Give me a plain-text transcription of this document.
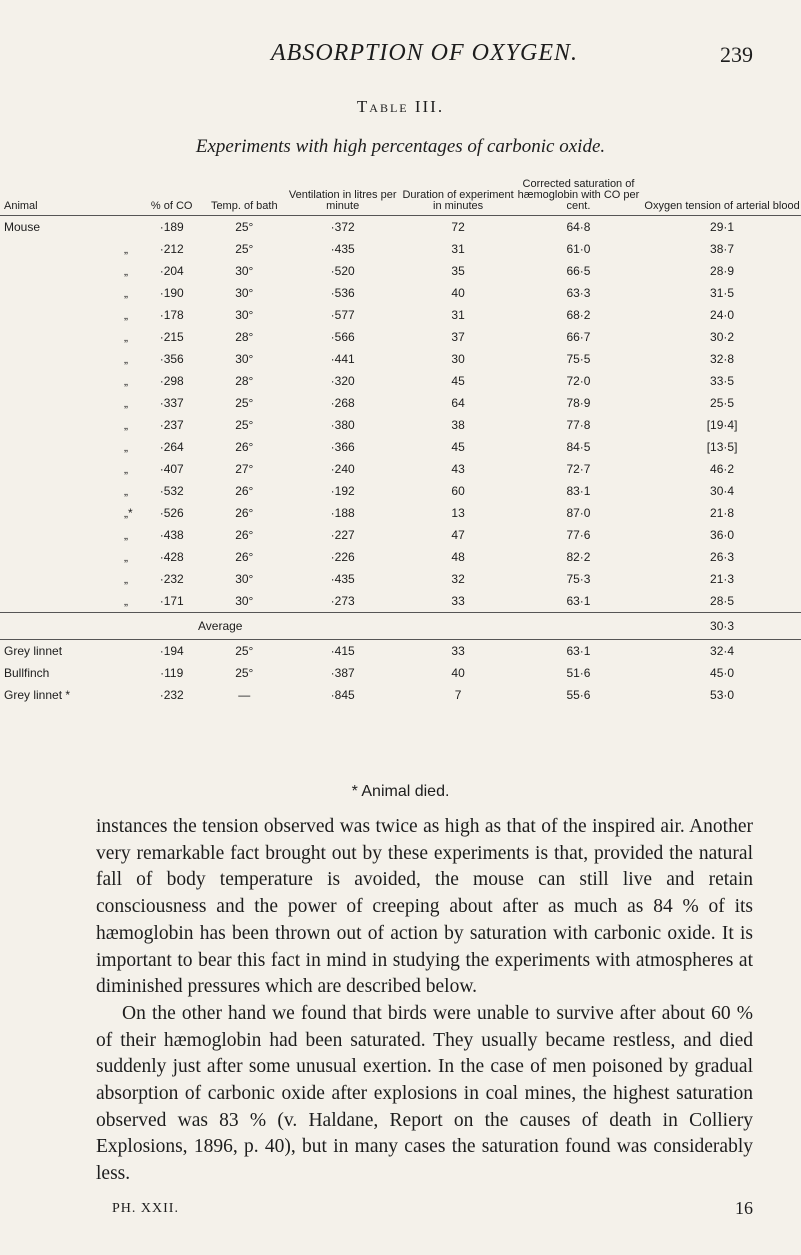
ABSORPTION OF OXYGEN.	239
Table III.
Experiments with high percentages of carbonic oxide.
Animal	% of CO	Temp. of bath	Ventilation in litres per minute	Duration of experiment in minutes	Corrected saturation of hæmoglobin with CO per cent.	Oxygen tension of arterial blood
Mouse	·189	25°	·372	72	64·8	29·1
„	·212	25°	·435	31	61·0	38·7
„	·204	30°	·520	35	66·5	28·9
„	·190	30°	·536	40	63·3	31·5
„	·178	30°	·577	31	68·2	24·0
„	·215	28°	·566	37	66·7	30·2
„	·356	30°	·441	30	75·5	32·8
„	·298	28°	·320	45	72·0	33·5
„	·337	25°	·268	64	78·9	25·5
„	·237	25°	·380	38	77·8	[19·4]
„	·264	26°	·366	45	84·5	[13·5]
„	·407	27°	·240	43	72·7	46·2
„	·532	26°	·192	60	83·1	30·4
„*	·526	26°	·188	13	87·0	21·8
„	·438	26°	·227	47	77·6	36·0
„	·428	26°	·226	48	82·2	26·3
„	·232	30°	·435	32	75·3	21·3
„	·171	30°	·273	33	63·1	28·5
Average						30·3
Grey linnet	·194	25°	·415	33	63·1	32·4
Bullfinch	·119	25°	·387	40	51·6	45·0
Grey linnet *	·232	—	·845	7	55·6	53·0
* Animal died.

instances the tension observed was twice as high as that of the inspired air. Another very remarkable fact brought out by these experiments is that, provided the natural fall of body temperature is avoided, the mouse can still live and retain consciousness and the power of creeping about after as much as 84 % of its hæmoglobin has been thrown out of action by saturation with carbonic oxide. It is important to bear this fact in mind in studying the experiments with atmospheres at diminished pressures which are described below.

On the other hand we found that birds were unable to survive after about 60 % of their hæmoglobin had been saturated. They usually became restless, and died suddenly just after some unusual exertion. In the case of men poisoned by gradual absorption of carbonic oxide after explosions in coal mines, the highest saturation observed was 83 % (v. Haldane, Report on the causes of death in Colliery Explosions, 1896, p. 40), but in many cases the saturation found was considerably less.

PH. XXII.	16
